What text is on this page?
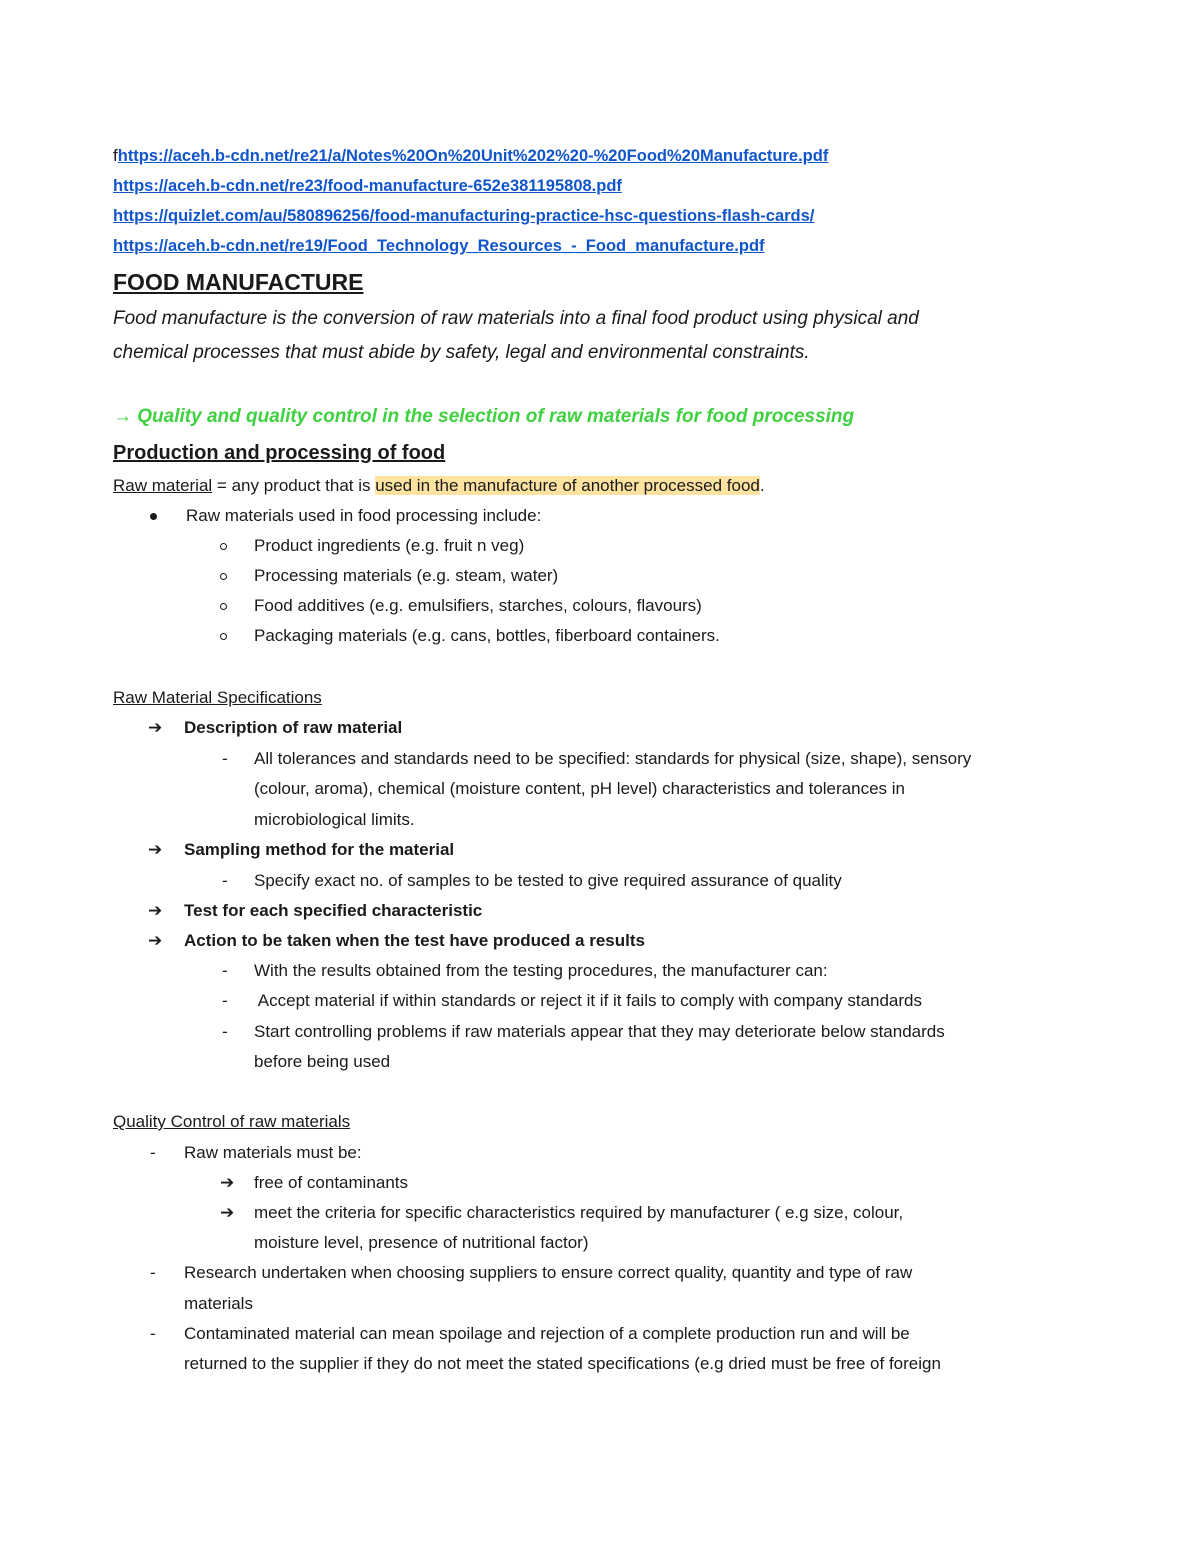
fhttps://aceh.b-cdn.net/re21/a/Notes%20On%20Unit%202%20-%20Food%20Manufacture.pdf
https://aceh.b-cdn.net/re23/food-manufacture-652e381195808.pdf
https://quizlet.com/au/580896256/food-manufacturing-practice-hsc-questions-flash-cards/
https://aceh.b-cdn.net/re19/Food_Technology_Resources_-_Food_manufacture.pdf
FOOD MANUFACTURE
Food manufacture is the conversion of raw materials into a final food product using physical and
chemical processes that must abide by safety, legal and environmental constraints.
→ Quality and quality control in the selection of raw materials for food processing
Production and processing of food
Raw material = any product that is used in the manufacture of another processed food.
Raw materials used in food processing include:
Product ingredients (e.g. fruit n veg)
Processing materials (e.g. steam, water)
Food additives (e.g. emulsifiers, starches, colours, flavours)
Packaging materials (e.g. cans, bottles, fiberboard containers.
Raw Material Specifications
➔ Description of raw material
- All tolerances and standards need to be specified: standards for physical (size, shape), sensory
(colour, aroma), chemical (moisture content, pH level) characteristics and tolerances in
microbiological limits.
➔ Sampling method for the material
- Specify exact no. of samples to be tested to give required assurance of quality
➔ Test for each specified characteristic
➔ Action to be taken when the test have produced a results
- With the results obtained from the testing procedures, the manufacturer can:
- Accept material if within standards or reject it if it fails to comply with company standards
- Start controlling problems if raw materials appear that they may deteriorate below standards
before being used
Quality Control of raw materials
- Raw materials must be:
➔ free of contaminants
➔ meet the criteria for specific characteristics required by manufacturer ( e.g size, colour,
moisture level, presence of nutritional factor)
- Research undertaken when choosing suppliers to ensure correct quality, quantity and type of raw
materials
- Contaminated material can mean spoilage and rejection of a complete production run and will be
returned to the supplier if they do not meet the stated specifications (e.g dried must be free of foreign
